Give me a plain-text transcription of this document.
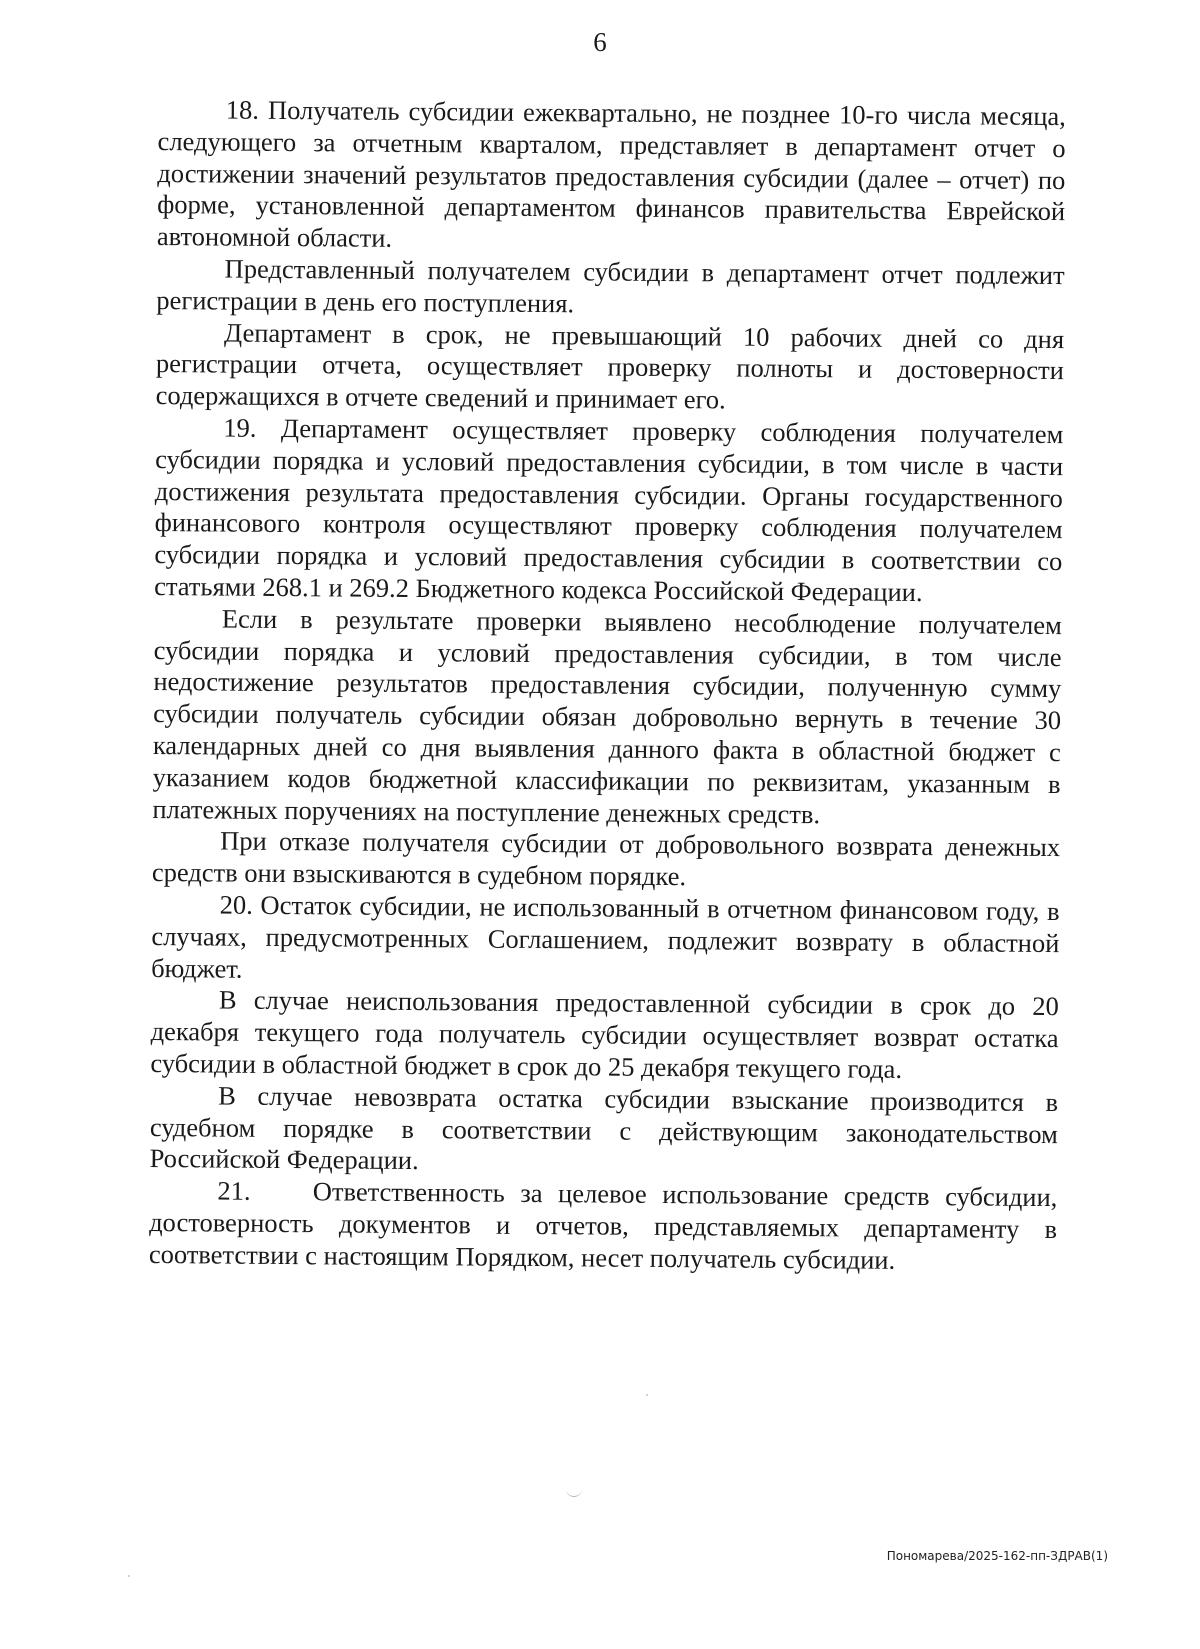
6

18. Получатель субсидии ежеквартально, не позднее 10-го числа месяца, следующего за отчетным кварталом, представляет в департамент отчет о достижении значений результатов предоставления субсидии (далее – отчет) по форме, установленной департаментом финансов правительства Еврейской автономной области.

Представленный получателем субсидии в департамент отчет подлежит регистрации в день его поступления.

Департамент в срок, не превышающий 10 рабочих дней со дня регистрации отчета, осуществляет проверку полноты и достоверности содержащихся в отчете сведений и принимает его.

19. Департамент осуществляет проверку соблюдения получателем субсидии порядка и условий предоставления субсидии, в том числе в части достижения результата предоставления субсидии. Органы государственного финансового контроля осуществляют проверку соблюдения получателем субсидии порядка и условий предоставления субсидии в соответствии со статьями 268.1 и 269.2 Бюджетного кодекса Российской Федерации.

Если в результате проверки выявлено несоблюдение получателем субсидии порядка и условий предоставления субсидии, в том числе недостижение результатов предоставления субсидии, полученную сумму субсидии получатель субсидии обязан добровольно вернуть в течение 30 календарных дней со дня выявления данного факта в областной бюджет с указанием кодов бюджетной классификации по реквизитам, указанным в платежных поручениях на поступление денежных средств.

При отказе получателя субсидии от добровольного возврата денежных средств они взыскиваются в судебном порядке.

20. Остаток субсидии, не использованный в отчетном финансовом году, в случаях, предусмотренных Соглашением, подлежит возврату в областной бюджет.

В случае неиспользования предоставленной субсидии в срок до 20 декабря текущего года получатель субсидии осуществляет возврат остатка субсидии в областной бюджет в срок до 25 декабря текущего года.

В случае невозврата остатка субсидии взыскание производится в судебном порядке в соответствии с действующим законодательством Российской Федерации.

21.    Ответственность за целевое использование средств субсидии, достоверность документов и отчетов, представляемых департаменту в соответствии с настоящим Порядком, несет получатель субсидии.

Пономарева/2025-162-пп-ЗДРАВ(1)
